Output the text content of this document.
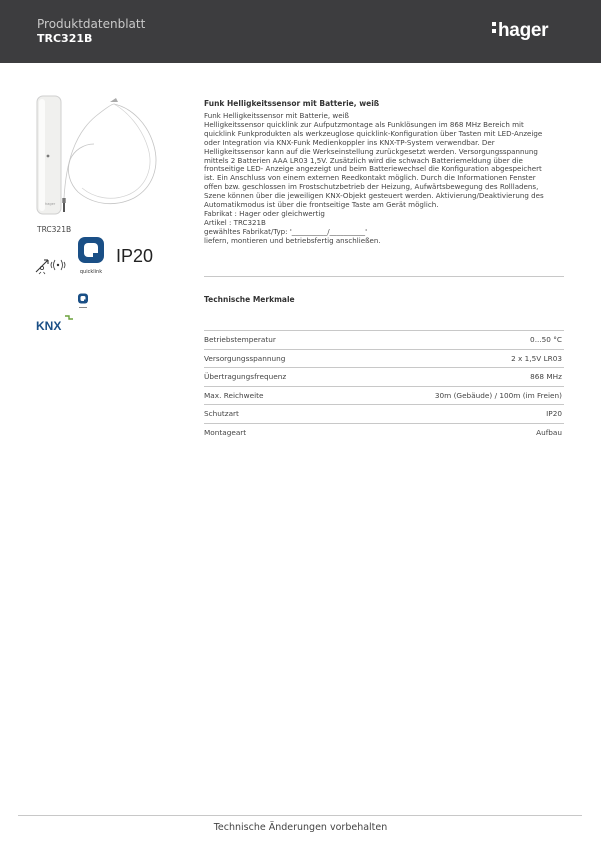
Produktdatenblatt
TRC321B	hager
hager
TRC321B
quicklink
IP20
KNX
Funk Helligkeitssensor mit Batterie, weiß
Funk Helligkeitssensor mit Batterie, weiß
Helligkeitssensor quicklink zur Aufputzmontage als Funklösungen im 868 MHz Bereich mit
quicklink Funkprodukten als werkzeuglose quicklink-Konfiguration über Tasten mit LED-Anzeige
oder Integration via KNX-Funk Medienkoppler ins KNX-TP-System verwendbar. Der
Helligkeitssensor kann auf die Werkseinstellung zurückgesetzt werden. Versorgungsspannung
mittels 2 Batterien AAA LR03 1,5V. Zusätzlich wird die schwach Batteriemeldung über die
frontseitige LED- Anzeige angezeigt und beim Batteriewechsel die Konfiguration abgespeichert
ist. Ein Anschluss von einem externen Reedkontakt möglich. Durch die Informationen Fenster
offen bzw. geschlossen im Frostschutzbetrieb der Heizung, Aufwärtsbewegung des Rollladens,
Szene können über die jeweiligen KNX-Objekt gesteuert werden. Aktivierung/Deaktivierung des
Automatikmodus ist über die frontseitige Taste am Gerät möglich.
Fabrikat : Hager oder gleichwertig
Artikel : TRC321B
gewähltes Fabrikat/Typ: '__________/__________'
liefern, montieren und betriebsfertig anschließen.
Technische Merkmale
Betriebstemperatur	0...50 °C
Versorgungsspannung	2 x 1,5V LR03
Übertragungsfrequenz	868 MHz
Max. Reichweite	30m (Gebäude) / 100m (im Freien)
Schutzart	IP20
Montageart	Aufbau
Technische Änderungen vorbehalten
